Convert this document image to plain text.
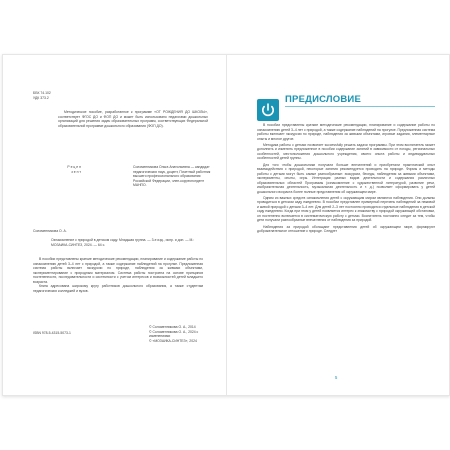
ББК 74.102
УДК 373.2
Методическое пособие, разработанное к программе «ОТ РОЖДЕНИЯ ДО ШКОЛЫ», соответствует ФГОС ДО и ФОП ДО и может быть использовано педагогами дошкольных организаций для решения задач образовательных программ, соответствующих Федеральной образовательной программе дошкольного образования (ФОП ДО).
Р е ц е н з е н т
Соломенникова Ольга Анатольевна — кандидат педагогических наук, доцент, Почетный работник высшего профессионального образования Российской Федерации, член-корреспондент МАНПО.
Соломенникова О. А.
Ознакомление с природой в детском саду. Младшая группа. — 3-е изд., испр. и доп. — М.: МОЗАИКА-СИНТЕЗ, 2024. — 64 с.

В пособии представлены краткие методические рекомендации, планирование и содержание работы по ознакомлению детей 3–4 лет с природой, а также содержание наблюдений на прогулке. Предложенная система работы включает экскурсии по природе, наблюдения за живыми объектами, экспериментирование с природным материалом. Система работы построена на основе принципов постепенности, последовательности и системности с учетом интересов и возможностей детей младшего возраста.

Книга адресована широкому кругу работников дошкольного образования, а также студентам педагогических колледжей и вузов.

ISBN 978-5-4315-5073-1
© Соломенникова О. А., 2014
© Соломенникова О. А., 2024 с изменениями
© «МОЗАИКА-СИНТЕЗ», 2024
ПРЕДИСЛОВИЕ

В пособии представлены краткие методические рекомендации, планирование и содержание работы по ознакомлению детей 3–4 лет с природой, а также содержание наблюдений на прогулке. Предложенная система работы включает экскурсии по природе, наблюдения за живыми объектами, игровые задания, элементарные опыты и многое другое.

Методика работы с детьми позволяет successfully решать задачи программы. При этом воспитатель может дополнить и изменить предложенное в пособии содержание занятий в зависимости от погоды, региональных особенностей, местоположения дошкольного учреждения, своего опыта работы и индивидуальных особенностей детей группы.

Для того чтобы дошкольники получали больше впечатлений и приобретали практический опыт взаимодействия с природой, некоторые занятия рекомендуется проводить на природе. Формы и методы работы с детьми могут быть самые разнообразные: экскурсии, беседы, наблюдения за живыми объектами, эксперименты, опыты, игры. Интеграция разных видов деятельности и содержания различных образовательных областей Программы (ознакомление с художественной литературой, развитие речи, изобразительная деятельность, музыкальная деятельность и т. д.) позволяет сформировать у детей дошкольного возраста более полные представления об окружающем мире.

Одним из важных средств ознакомления детей с окружающим миром являются наблюдения. Они должны проводиться в детском саду ежедневно. В пособии представлен примерный перечень наблюдений за неживой и живой природой с детьми 3–4 лет. Для детей 2–3 лет постоянно проводятся отдельные наблюдения в детской саду ежедневно. Когда при этом у детей появляется интерес к знакомству с природой окружающей обстановки, он постепенно включается в систематическую работу с детьми. Воспитатель постоянно следит за тем, чтобы дети получали разнообразные впечатления от наблюдения за природой.

Наблюдения за природой обогащают представления детей об окружающем мире, формируют доброжелательное отношение к природе. Следует

5
